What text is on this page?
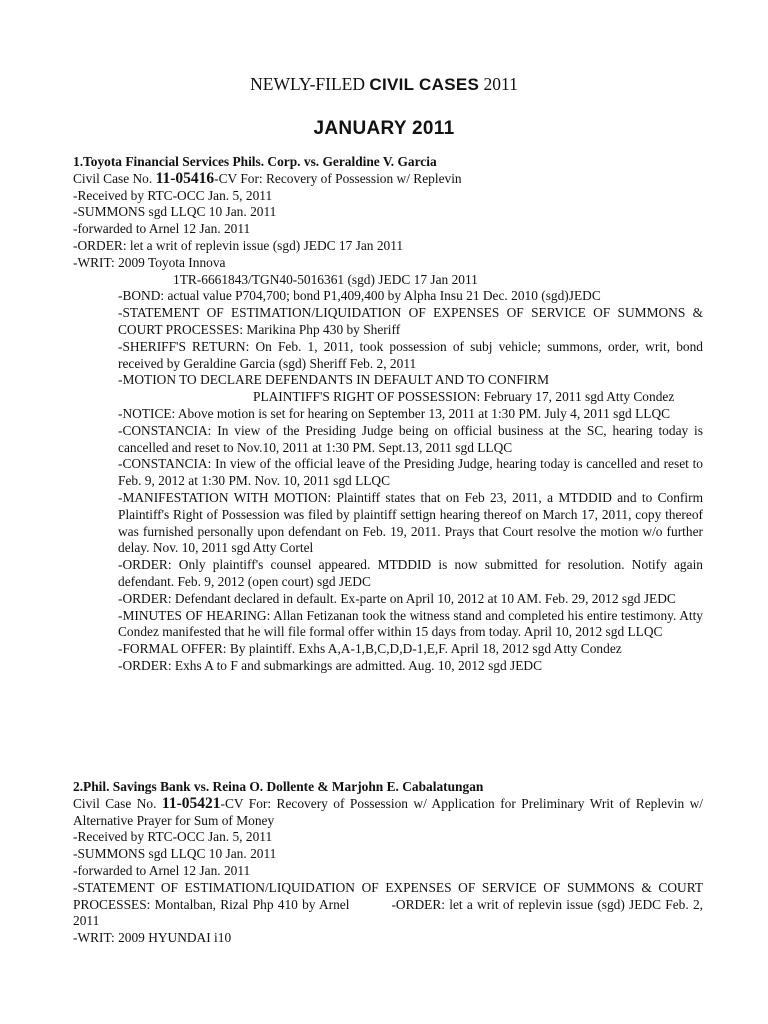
NEWLY-FILED CIVIL CASES 2011
JANUARY 2011
1.Toyota Financial Services Phils. Corp. vs. Geraldine V. Garcia
Civil Case No. 11-05416-CV For: Recovery of Possession w/ Replevin
-Received by RTC-OCC Jan. 5, 2011
-SUMMONS sgd LLQC 10 Jan. 2011
-forwarded to Arnel 12 Jan. 2011
-ORDER: let a writ of replevin issue (sgd) JEDC 17 Jan 2011
-WRIT: 2009 Toyota Innova
1TR-6661843/TGN40-5016361 (sgd) JEDC 17 Jan 2011
-BOND: actual value P704,700; bond P1,409,400 by Alpha Insu 21 Dec. 2010 (sgd)JEDC
-STATEMENT OF ESTIMATION/LIQUIDATION OF EXPENSES OF SERVICE OF SUMMONS & COURT PROCESSES: Marikina Php 430 by Sheriff
-SHERIFF'S RETURN: On Feb. 1, 2011, took possession of subj vehicle; summons, order, writ, bond received by Geraldine Garcia (sgd) Sheriff Feb. 2, 2011
-MOTION TO DECLARE DEFENDANTS IN DEFAULT AND TO CONFIRM
PLAINTIFF'S RIGHT OF POSSESSION: February 17, 2011 sgd Atty Condez
-NOTICE: Above motion is set for hearing on September 13, 2011 at 1:30 PM. July 4, 2011 sgd LLQC
-CONSTANCIA: In view of the Presiding Judge being on official business at the SC, hearing today is cancelled and reset to Nov.10, 2011 at 1:30 PM. Sept.13, 2011 sgd LLQC
-CONSTANCIA: In view of the official leave of the Presiding Judge, hearing today is cancelled and reset to Feb. 9, 2012 at 1:30 PM. Nov. 10, 2011 sgd LLQC
-MANIFESTATION WITH MOTION: Plaintiff states that on Feb 23, 2011, a MTDDID and to Confirm Plaintiff's Right of Possession was filed by plaintiff settign hearing thereof on March 17, 2011, copy thereof was furnished personally upon defendant on Feb. 19, 2011. Prays that Court resolve the motion w/o further delay. Nov. 10, 2011 sgd Atty Cortel
-ORDER: Only plaintiff's counsel appeared. MTDDID is now submitted for resolution. Notify again defendant. Feb. 9, 2012 (open court) sgd JEDC
-ORDER: Defendant declared in default. Ex-parte on April 10, 2012 at 10 AM. Feb. 29, 2012 sgd JEDC
-MINUTES OF HEARING: Allan Fetizanan took the witness stand and completed his entire testimony. Atty Condez manifested that he will file formal offer within 15 days from today. April 10, 2012 sgd LLQC
-FORMAL OFFER: By plaintiff. Exhs A,A-1,B,C,D,D-1,E,F. April 18, 2012 sgd Atty Condez
-ORDER: Exhs A to F and submarkings are admitted. Aug. 10, 2012 sgd JEDC
2.Phil. Savings Bank vs. Reina O. Dollente & Marjohn E. Cabalatungan
Civil Case No. 11-05421-CV For: Recovery of Possession w/ Application for Preliminary Writ of Replevin w/ Alternative Prayer for Sum of Money
-Received by RTC-OCC Jan. 5, 2011
-SUMMONS sgd LLQC 10 Jan. 2011
-forwarded to Arnel 12 Jan. 2011
-STATEMENT OF ESTIMATION/LIQUIDATION OF EXPENSES OF SERVICE OF SUMMONS & COURT PROCESSES: Montalban, Rizal Php 410 by Arnel	-ORDER: let a writ of replevin issue (sgd) JEDC Feb. 2, 2011
-WRIT: 2009 HYUNDAI i10
